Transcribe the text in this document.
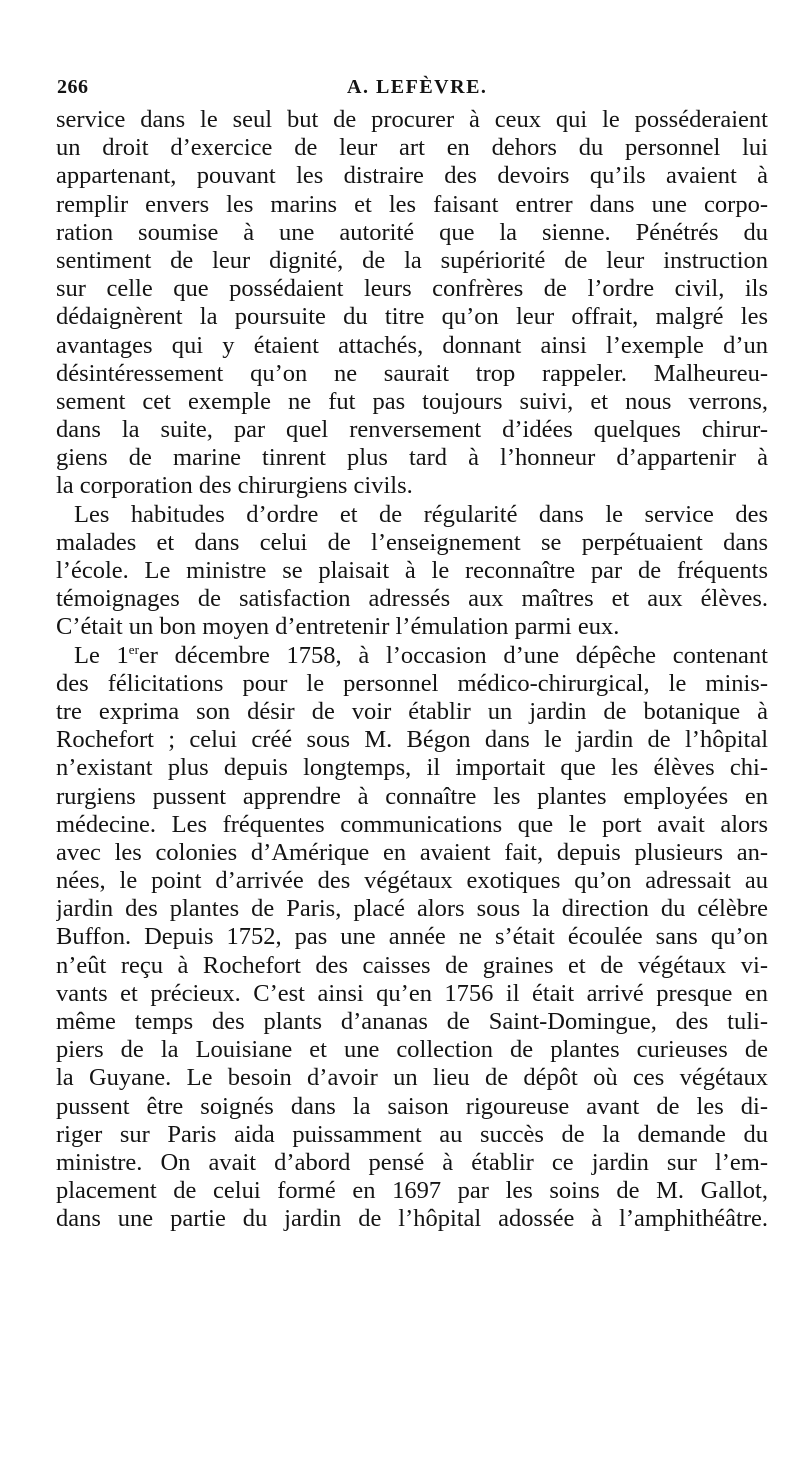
266	A. LEFÈVRE.
service dans le seul but de procurer à ceux qui le posséderaient
un droit d’exercice de leur art en dehors du personnel lui
appartenant, pouvant les distraire des devoirs qu’ils avaient à
remplir envers les marins et les faisant entrer dans une corpo-
ration soumise à une autorité que la sienne. Pénétrés du
sentiment de leur dignité, de la supériorité de leur instruction
sur celle que possédaient leurs confrères de l’ordre civil, ils
dédaignèrent la poursuite du titre qu’on leur offrait, malgré les
avantages qui y étaient attachés, donnant ainsi l’exemple d’un
désintéressement qu’on ne saurait trop rappeler. Malheureu-
sement cet exemple ne fut pas toujours suivi, et nous verrons,
dans la suite, par quel renversement d’idées quelques chirur-
giens de marine tinrent plus tard à l’honneur d’appartenir à
la corporation des chirurgiens civils.
Les habitudes d’ordre et de régularité dans le service des
malades et dans celui de l’enseignement se perpétuaient dans
l’école. Le ministre se plaisait à le reconnaître par de fréquents
témoignages de satisfaction adressés aux maîtres et aux élèves.
C’était un bon moyen d’entretenir l’émulation parmi eux.
Le 1erer décembre 1758, à l’occasion d’une dépêche contenant
des félicitations pour le personnel médico-chirurgical, le minis-
tre exprima son désir de voir établir un jardin de botanique à
Rochefort ; celui créé sous M. Bégon dans le jardin de l’hôpital
n’existant plus depuis longtemps, il importait que les élèves chi-
rurgiens pussent apprendre à connaître les plantes employées en
médecine. Les fréquentes communications que le port avait alors
avec les colonies d’Amérique en avaient fait, depuis plusieurs an-
nées, le point d’arrivée des végétaux exotiques qu’on adressait au
jardin des plantes de Paris, placé alors sous la direction du célèbre
Buffon. Depuis 1752, pas une année ne s’était écoulée sans qu’on
n’eût reçu à Rochefort des caisses de graines et de végétaux vi-
vants et précieux. C’est ainsi qu’en 1756 il était arrivé presque en
même temps des plants d’ananas de Saint-Domingue, des tuli-
piers de la Louisiane et une collection de plantes curieuses de
la Guyane. Le besoin d’avoir un lieu de dépôt où ces végétaux
pussent être soignés dans la saison rigoureuse avant de les di-
riger sur Paris aida puissamment au succès de la demande du
ministre. On avait d’abord pensé à établir ce jardin sur l’em-
placement de celui formé en 1697 par les soins de M. Gallot,
dans une partie du jardin de l’hôpital adossée à l’amphithéâtre.
